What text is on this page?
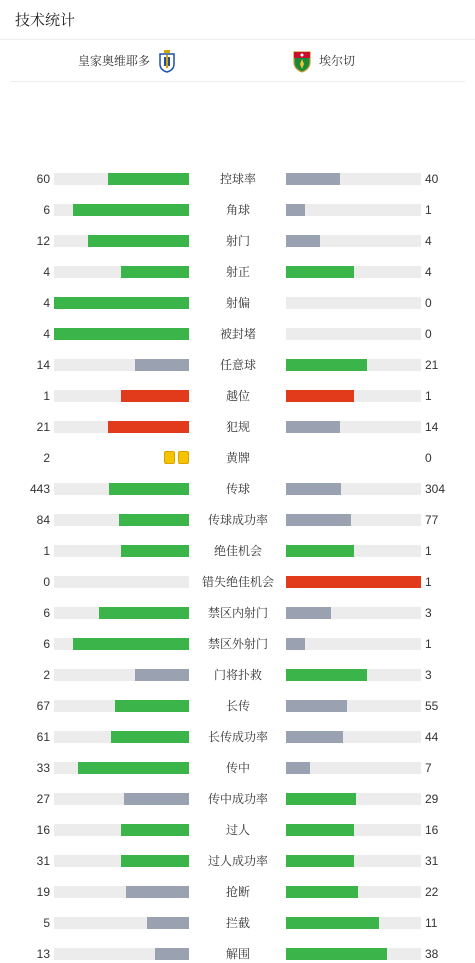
技术统计
皇家奥维耶多	埃尔切
60	控球率	40
6	角球	1
12	射门	4
4	射正	4
4	射偏	0
4	被封堵	0
14	任意球	21
1	越位	1
21	犯规	14
2	黄牌	0
443	传球	304
84	传球成功率	77
1	绝佳机会	1
0	错失绝佳机会	1
6	禁区内射门	3
6	禁区外射门	1
2	门将扑救	3
67	长传	55
61	长传成功率	44
33	传中	7
27	传中成功率	29
16	过人	16
31	过人成功率	31
19	抢断	22
5	拦截	11
13	解围	38
